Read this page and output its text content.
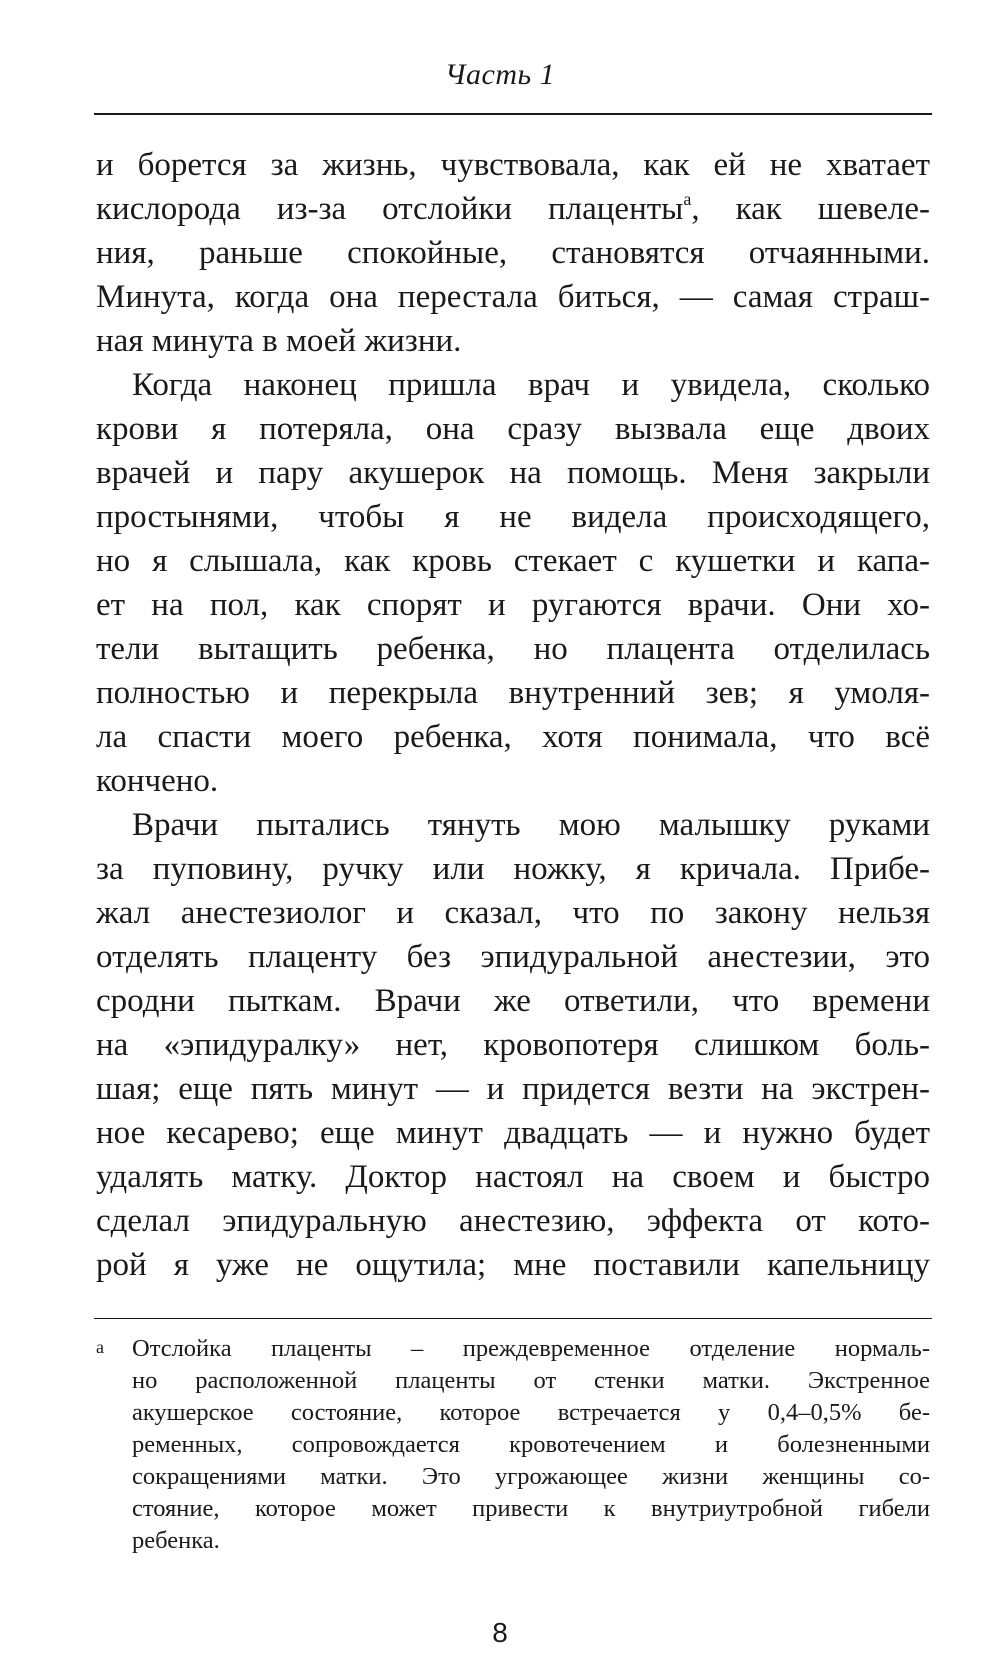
Часть 1
и борется за жизнь, чувствовала, как ей не хватает
кислорода из-за отслойки плаценты$^а$, как шевеле-
ния, раньше спокойные, становятся отчаянными.
Минута, когда она перестала биться, — самая страш-
ная минута в моей жизни.
Когда наконец пришла врач и увидела, сколько
крови я потеряла, она сразу вызвала еще двоих
врачей и пару акушерок на помощь. Меня закрыли
простынями, чтобы я не видела происходящего,
но я слышала, как кровь стекает с кушетки и капа-
ет на пол, как спорят и ругаются врачи. Они хо-
тели вытащить ребенка, но плацента отделилась
полностью и перекрыла внутренний зев; я умоля-
ла спасти моего ребенка, хотя понимала, что всё
кончено.
Врачи пытались тянуть мою малышку руками
за пуповину, ручку или ножку, я кричала. Прибе-
жал анестезиолог и сказал, что по закону нельзя
отделять плаценту без эпидуральной анестезии, это
сродни пыткам. Врачи же ответили, что времени
на «эпидуралку» нет, кровопотеря слишком боль-
шая; еще пять минут — и придется везти на экстрен-
ное кесарево; еще минут двадцать — и нужно будет
удалять матку. Доктор настоял на своем и быстро
сделал эпидуральную анестезию, эффекта от кото-
рой я уже не ощутила; мне поставили капельницу
а Отслойка плаценты – преждевременное отделение нормаль-
но расположенной плаценты от стенки матки. Экстренное
акушерское состояние, которое встречается у 0,4–0,5% бе-
ременных, сопровождается кровотечением и болезненными
сокращениями матки. Это угрожающее жизни женщины со-
стояние, которое может привести к внутриутробной гибели
ребенка.
8
